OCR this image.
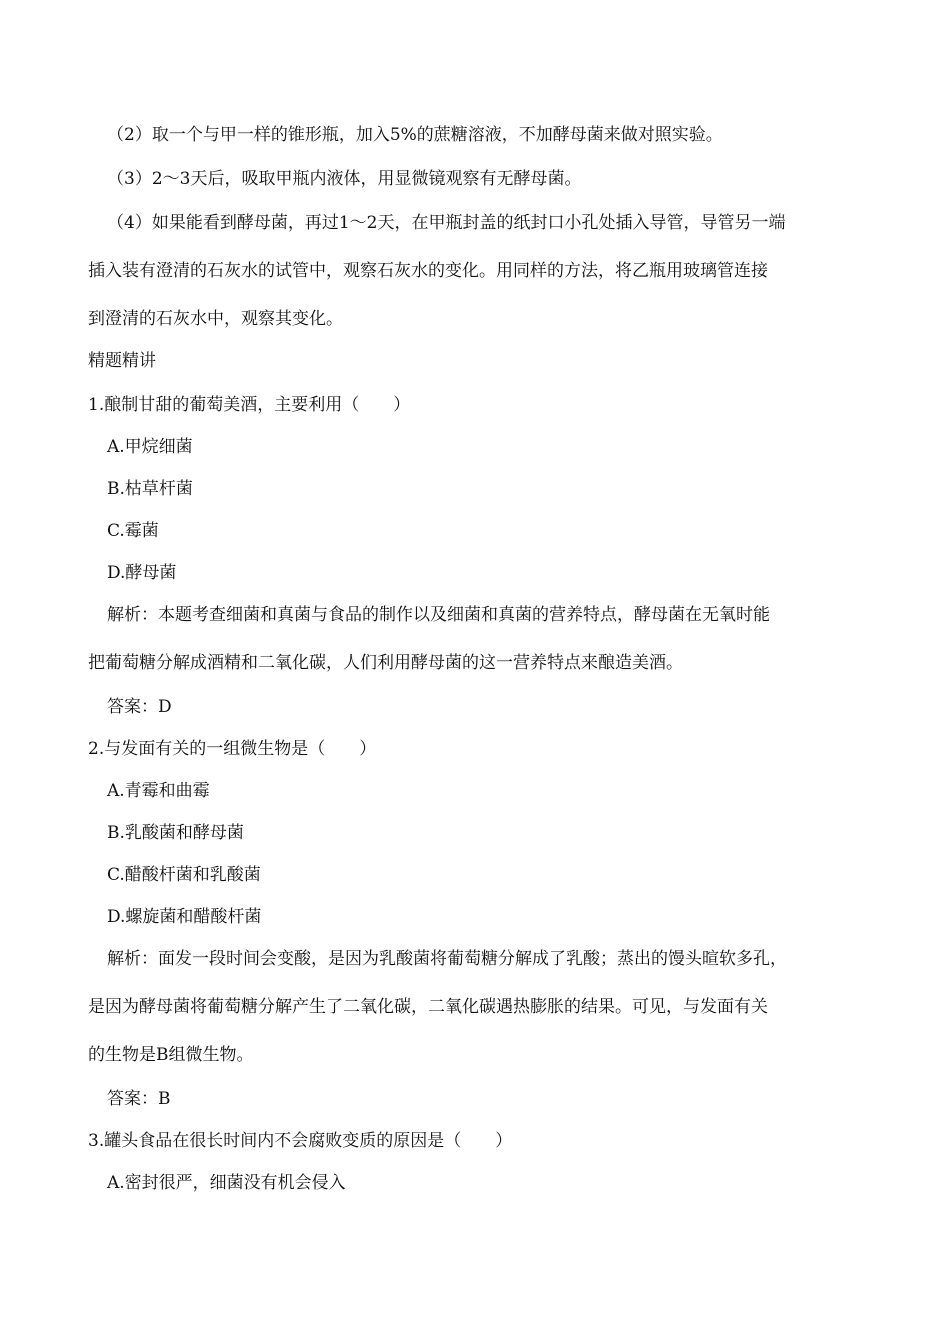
（2）取一个与甲一样的锥形瓶，加入5%的蔗糖溶液，不加酵母菌来做对照实验。
（3）2～3天后，吸取甲瓶内液体，用显微镜观察有无酵母菌。
（4）如果能看到酵母菌，再过1～2天，在甲瓶封盖的纸封口小孔处插入导管，导管另一端
插入装有澄清的石灰水的试管中，观察石灰水的变化。用同样的方法，将乙瓶用玻璃管连接
到澄清的石灰水中，观察其变化。
精题精讲
1.酿制甘甜的葡萄美酒，主要利用（　　）
A.甲烷细菌
B.枯草杆菌
C.霉菌
D.酵母菌
解析：本题考查细菌和真菌与食品的制作以及细菌和真菌的营养特点，酵母菌在无氧时能
把葡萄糖分解成酒精和二氧化碳，人们利用酵母菌的这一营养特点来酿造美酒。
答案：D
2.与发面有关的一组微生物是（　　）
A.青霉和曲霉
B.乳酸菌和酵母菌
C.醋酸杆菌和乳酸菌
D.螺旋菌和醋酸杆菌
解析：面发一段时间会变酸，是因为乳酸菌将葡萄糖分解成了乳酸；蒸出的馒头暄软多孔，
是因为酵母菌将葡萄糖分解产生了二氧化碳，二氧化碳遇热膨胀的结果。可见，与发面有关
的生物是B组微生物。
答案：B
3.罐头食品在很长时间内不会腐败变质的原因是（　　）
A.密封很严，细菌没有机会侵入
